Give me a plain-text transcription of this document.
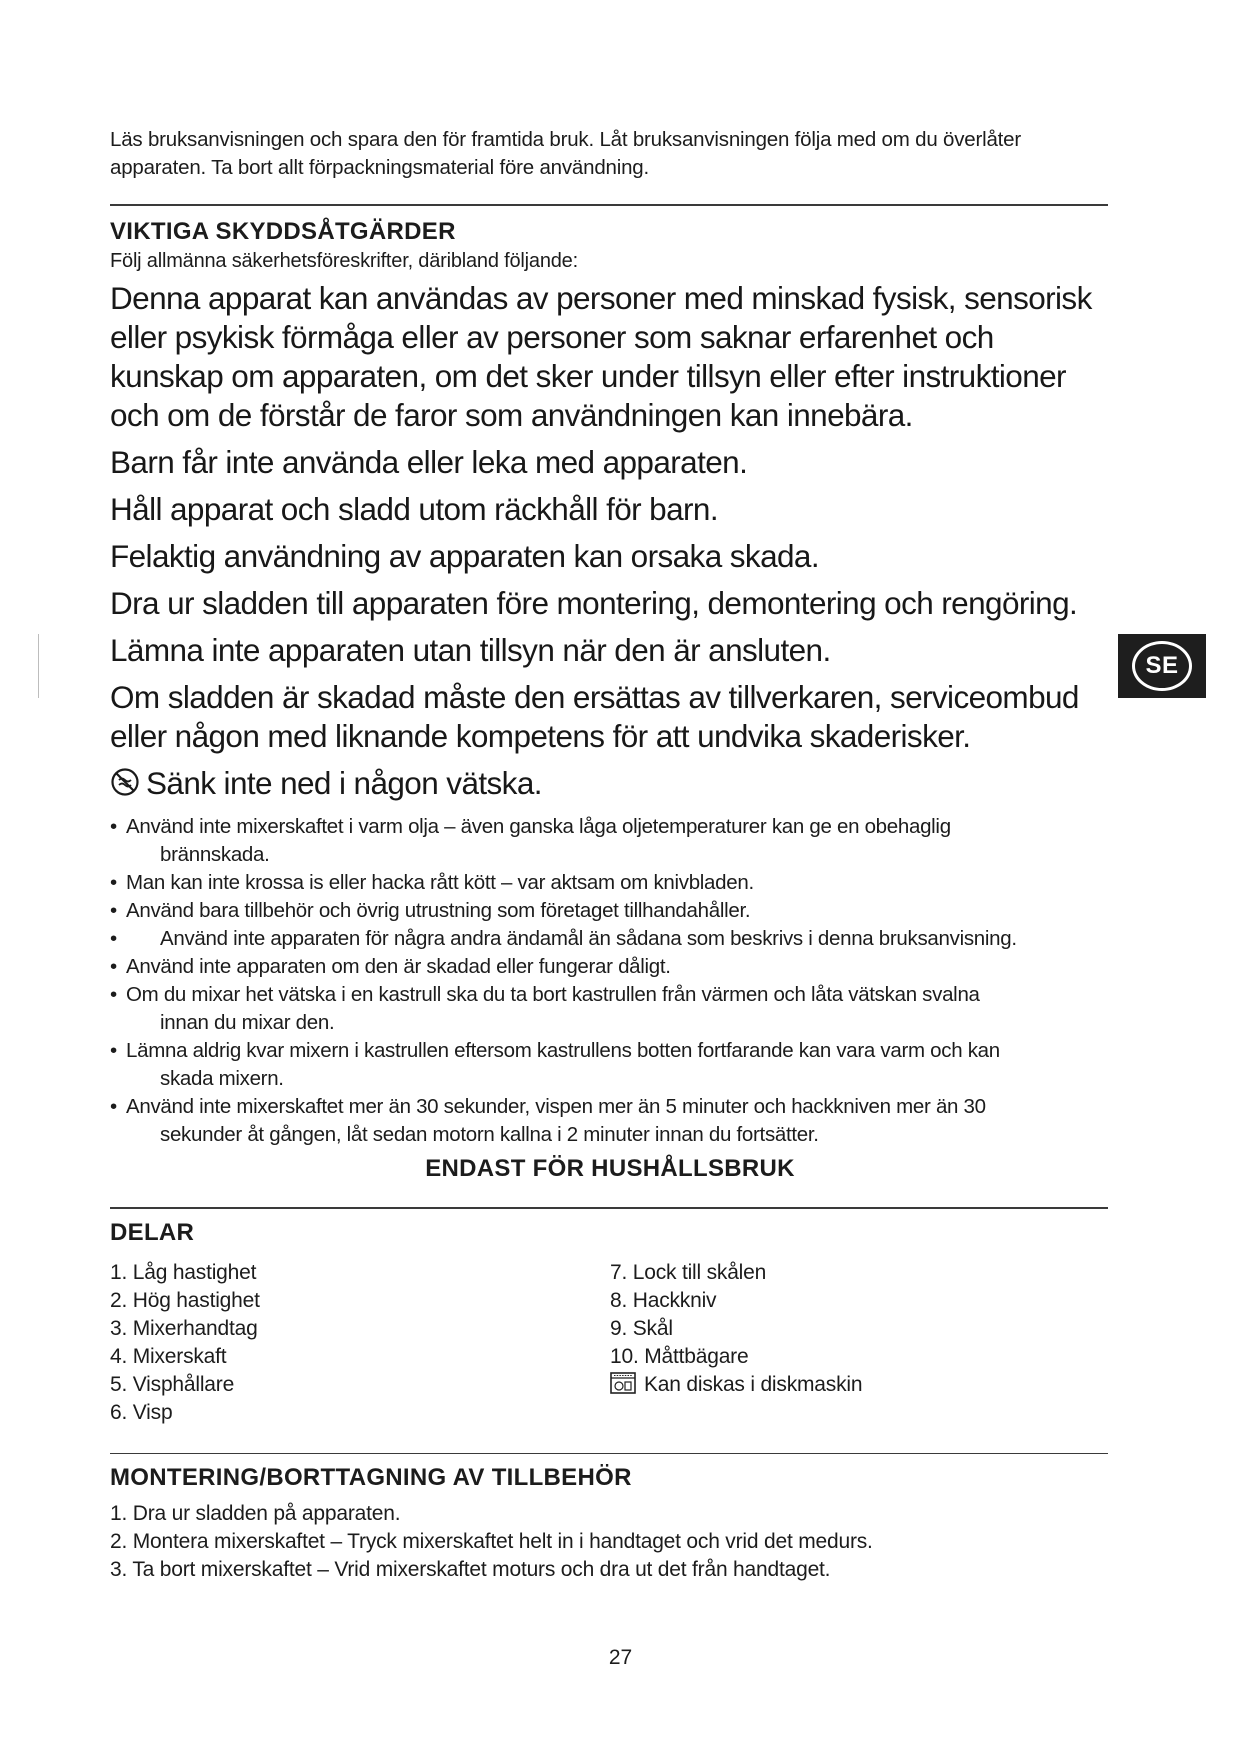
SE

Läs bruksanvisningen och spara den för framtida bruk. Låt bruksanvisningen följa med om du överlåter apparaten. Ta bort allt förpackningsmaterial före användning.

VIKTIGA SKYDDSÅTGÄRDER

Följ allmänna säkerhetsföreskrifter, däribland följande:

Denna apparat kan användas av personer med minskad fysisk, sensorisk eller psykisk förmåga eller av personer som saknar erfarenhet och kunskap om apparaten, om det sker under tillsyn eller efter instruktioner och om de förstår de faror som användningen kan innebära.

Barn får inte använda eller leka med apparaten.

Håll apparat och sladd utom räckhåll för barn.

Felaktig användning av apparaten kan orsaka skada.

Dra ur sladden till apparaten före montering, demontering och rengöring.

Lämna inte apparaten utan tillsyn när den är ansluten.

Om sladden är skadad måste den ersättas av tillverkaren, serviceombud eller någon med liknande kompetens för att undvika skaderisker.

Sänk inte ned i någon vätska.

• Använd inte mixerskaftet i varm olja – även ganska låga oljetemperaturer kan ge en obehaglig
brännskada.
• Man kan inte krossa is eller hacka rått kött – var aktsam om knivbladen.
• Använd bara tillbehör och övrig utrustning som företaget tillhandahåller.
• Använd inte apparaten för några andra ändamål än sådana som beskrivs i denna bruksanvisning.
• Använd inte apparaten om den är skadad eller fungerar dåligt.
• Om du mixar het vätska i en kastrull ska du ta bort kastrullen från värmen och låta vätskan svalna
innan du mixar den.
• Lämna aldrig kvar mixern i kastrullen eftersom kastrullens botten fortfarande kan vara varm och kan
skada mixern.
• Använd inte mixerskaftet mer än 30 sekunder, vispen mer än 5 minuter och hackkniven mer än 30
sekunder åt gången, låt sedan motorn kallna i 2 minuter innan du fortsätter.

ENDAST FÖR HUSHÅLLSBRUK

DELAR
1. Låg hastighet
2. Hög hastighet
3. Mixerhandtag
4. Mixerskaft
5. Visphållare
6. Visp
7. Lock till skålen
8. Hackkniv
9. Skål
10. Måttbägare
Kan diskas i diskmaskin
MONTERING/BORTTAGNING AV TILLBEHÖR
1. Dra ur sladden på apparaten.
2. Montera mixerskaftet – Tryck mixerskaftet helt in i handtaget och vrid det medurs.
3. Ta bort mixerskaftet – Vrid mixerskaftet moturs och dra ut det från handtaget.
27
